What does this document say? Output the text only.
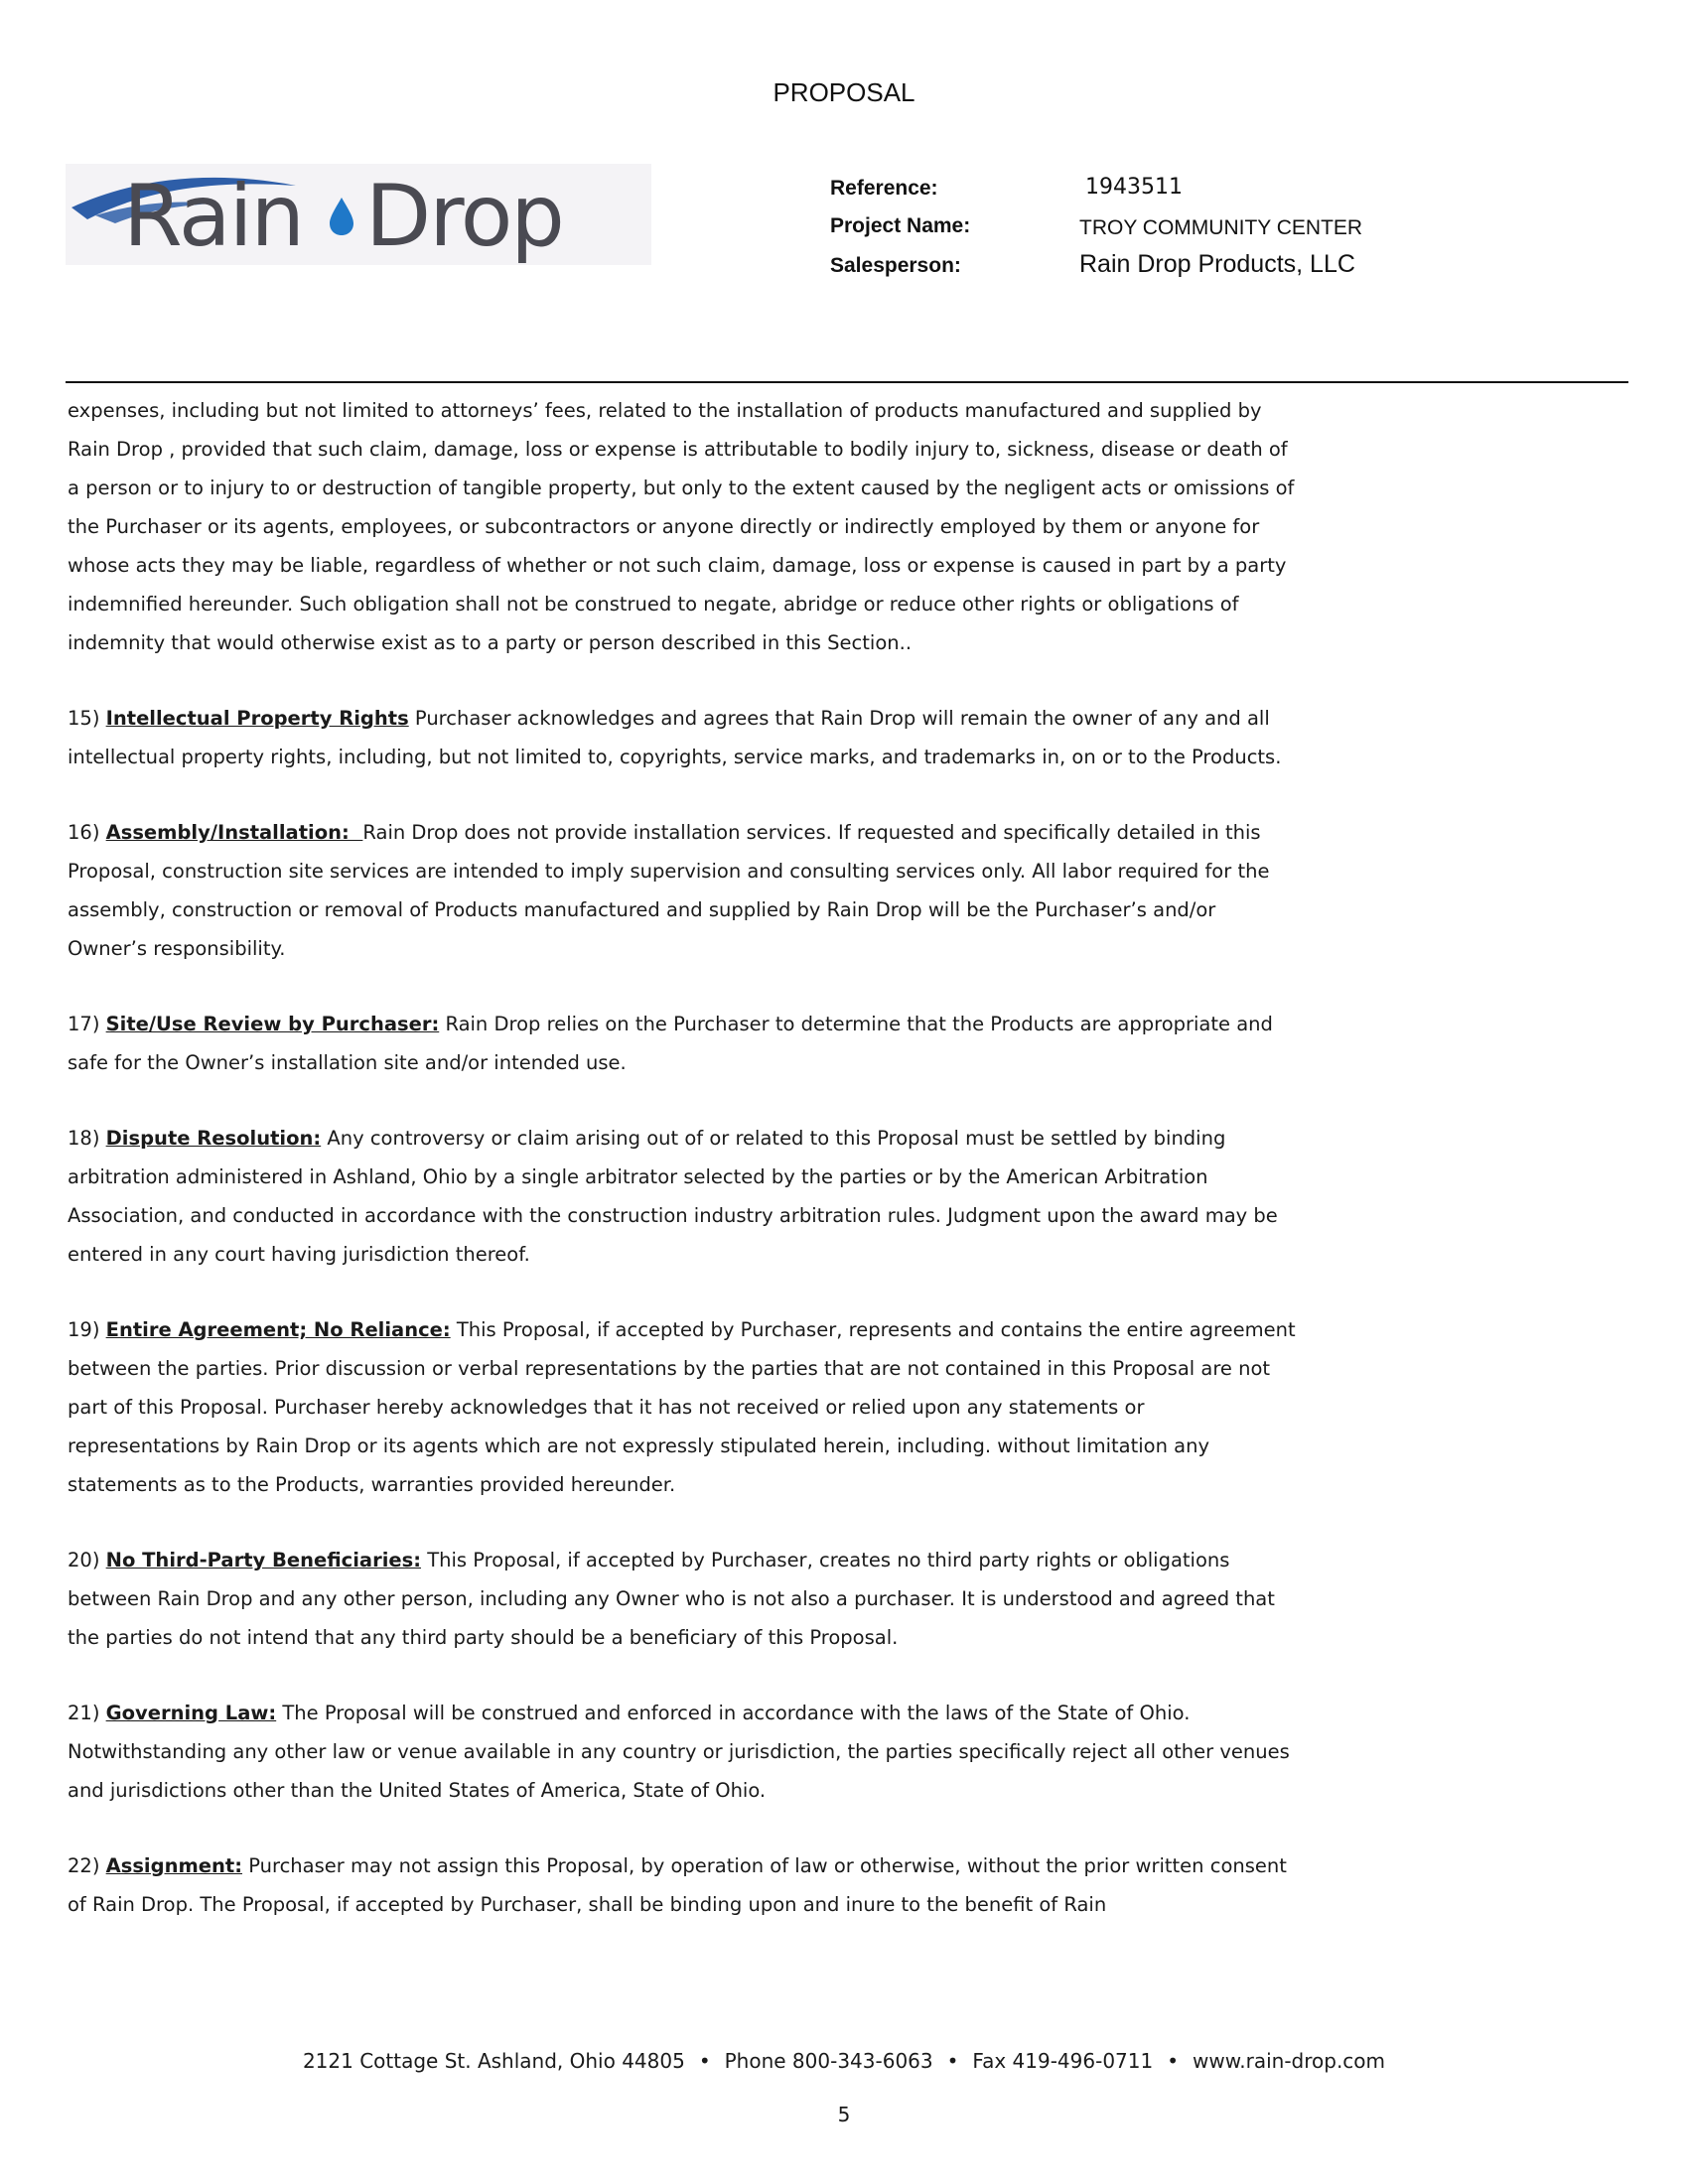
PROPOSAL
Rain Drop	Reference:	1943511
Project Name:	TROY COMMUNITY CENTER
Salesperson:	Rain Drop Products, LLC

expenses, including but not limited to attorneys’ fees, related to the installation of products manufactured and supplied by Rain Drop , provided that such claim, damage, loss or expense is attributable to bodily injury to, sickness, disease or death of a person or to injury to or destruction of tangible property, but only to the extent caused by the negligent acts or omissions of the Purchaser or its agents, employees, or subcontractors or anyone directly or indirectly employed by them or anyone for whose acts they may be liable, regardless of whether or not such claim, damage, loss or expense is caused in part by a party indemnified hereunder. Such obligation shall not be construed to negate, abridge or reduce other rights or obligations of indemnity that would otherwise exist as to a party or person described in this Section..

15) Intellectual Property Rights Purchaser acknowledges and agrees that Rain Drop will remain the owner of any and all intellectual property rights, including, but not limited to, copyrights, service marks, and trademarks in, on or to the Products.

16) Assembly/Installation:  Rain Drop does not provide installation services. If requested and specifically detailed in this Proposal, construction site services are intended to imply supervision and consulting services only. All labor required for the assembly, construction or removal of Products manufactured and supplied by Rain Drop will be the Purchaser’s and/or Owner’s responsibility.

17) Site/Use Review by Purchaser: Rain Drop relies on the Purchaser to determine that the Products are appropriate and safe for the Owner’s installation site and/or intended use.

18) Dispute Resolution: Any controversy or claim arising out of or related to this Proposal must be settled by binding arbitration administered in Ashland, Ohio by a single arbitrator selected by the parties or by the American Arbitration Association, and conducted in accordance with the construction industry arbitration rules. Judgment upon the award may be entered in any court having jurisdiction thereof.

19) Entire Agreement; No Reliance: This Proposal, if accepted by Purchaser, represents and contains the entire agreement between the parties. Prior discussion or verbal representations by the parties that are not contained in this Proposal are not part of this Proposal. Purchaser hereby acknowledges that it has not received or relied upon any statements or representations by Rain Drop or its agents which are not expressly stipulated herein, including. without limitation any statements as to the Products, warranties provided hereunder.

20) No Third-Party Beneficiaries: This Proposal, if accepted by Purchaser, creates no third party rights or obligations between Rain Drop and any other person, including any Owner who is not also a purchaser. It is understood and agreed that the parties do not intend that any third party should be a beneficiary of this Proposal.

21) Governing Law: The Proposal will be construed and enforced in accordance with the laws of the State of Ohio. Notwithstanding any other law or venue available in any country or jurisdiction, the parties specifically reject all other venues and jurisdictions other than the United States of America, State of Ohio.

22) Assignment: Purchaser may not assign this Proposal, by operation of law or otherwise, without the prior written consent of Rain Drop. The Proposal, if accepted by Purchaser, shall be binding upon and inure to the benefit of Rain

2121 Cottage St. Ashland, Ohio 44805 • Phone 800-343-6063 • Fax 419-496-0711 • www.rain-drop.com
5
